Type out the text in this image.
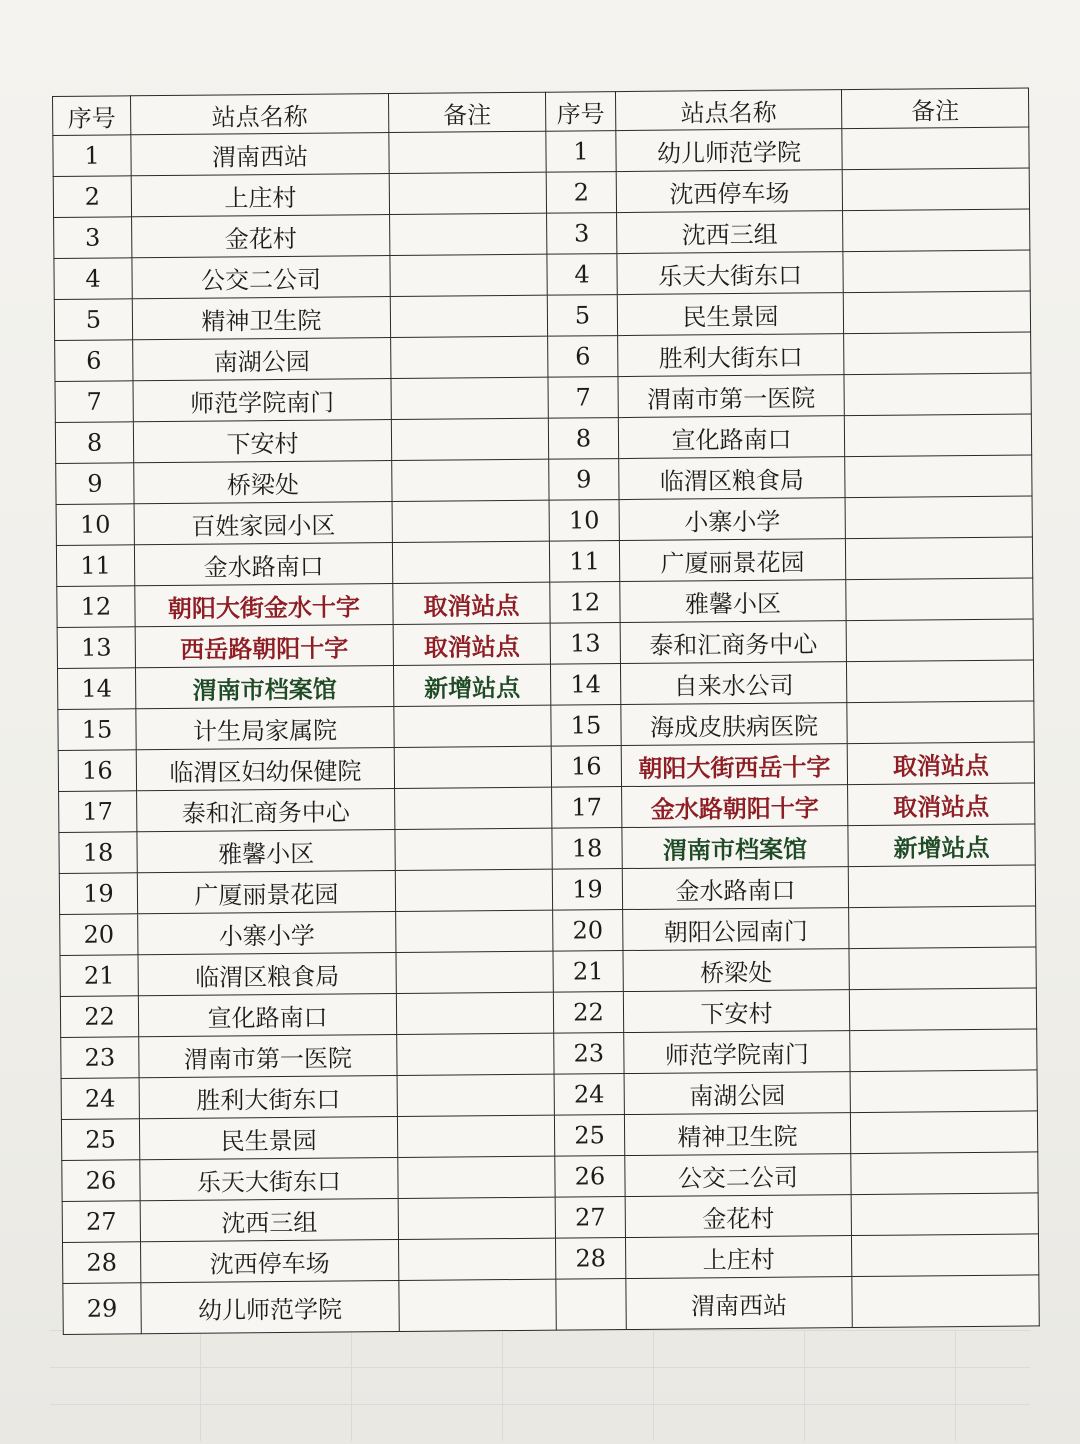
序号	站点名称	备注	序号	站点名称	备注
1	渭南西站		1	幼儿师范学院	
2	上庄村		2	沈西停车场	
3	金花村		3	沈西三组	
4	公交二公司		4	乐天大街东口	
5	精神卫生院		5	民生景园	
6	南湖公园		6	胜利大街东口	
7	师范学院南门		7	渭南市第一医院	
8	下安村		8	宣化路南口	
9	桥梁处		9	临渭区粮食局	
10	百姓家园小区		10	小寨小学	
11	金水路南口		11	广厦丽景花园	
12	朝阳大街金水十字	取消站点	12	雅馨小区	
13	西岳路朝阳十字	取消站点	13	泰和汇商务中心	
14	渭南市档案馆	新增站点	14	自来水公司	
15	计生局家属院		15	海成皮肤病医院	
16	临渭区妇幼保健院		16	朝阳大街西岳十字	取消站点
17	泰和汇商务中心		17	金水路朝阳十字	取消站点
18	雅馨小区		18	渭南市档案馆	新增站点
19	广厦丽景花园		19	金水路南口	
20	小寨小学		20	朝阳公园南门	
21	临渭区粮食局		21	桥梁处	
22	宣化路南口		22	下安村	
23	渭南市第一医院		23	师范学院南门	
24	胜利大街东口		24	南湖公园	
25	民生景园		25	精神卫生院	
26	乐天大街东口		26	公交二公司	
27	沈西三组		27	金花村	
28	沈西停车场		28	上庄村	
29	幼儿师范学院			渭南西站	
